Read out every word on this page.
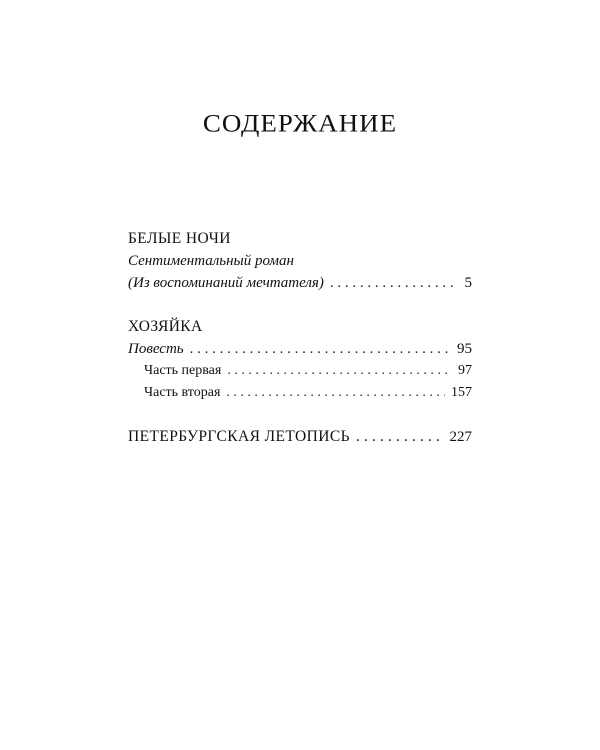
СОДЕРЖАНИЕ
БЕЛЫЕ НОЧИ
Сентиментальный роман
(Из воспоминаний мечтателя) . . .	5
ХОЗЯЙКА
Повесть . . .	95
Часть первая . . .	97
Часть вторая . . .	157
ПЕТЕРБУРГСКАЯ ЛЕТОПИСЬ . . .	227
